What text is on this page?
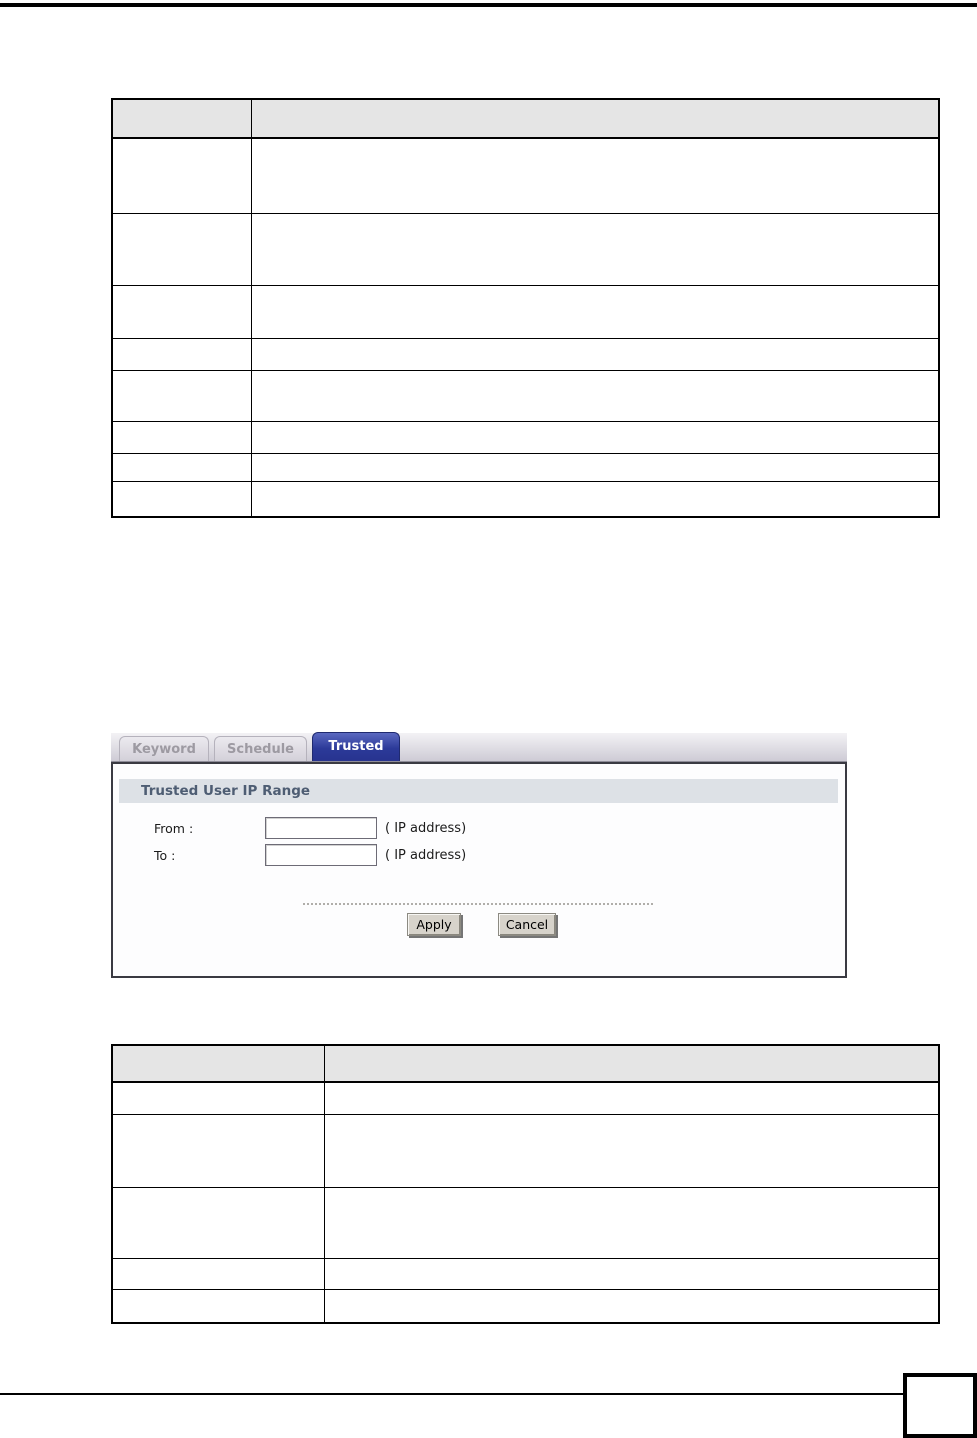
Keyword	Schedule	Trusted
Trusted User IP Range
From :	( IP address)
To :	( IP address)
Apply	Cancel
